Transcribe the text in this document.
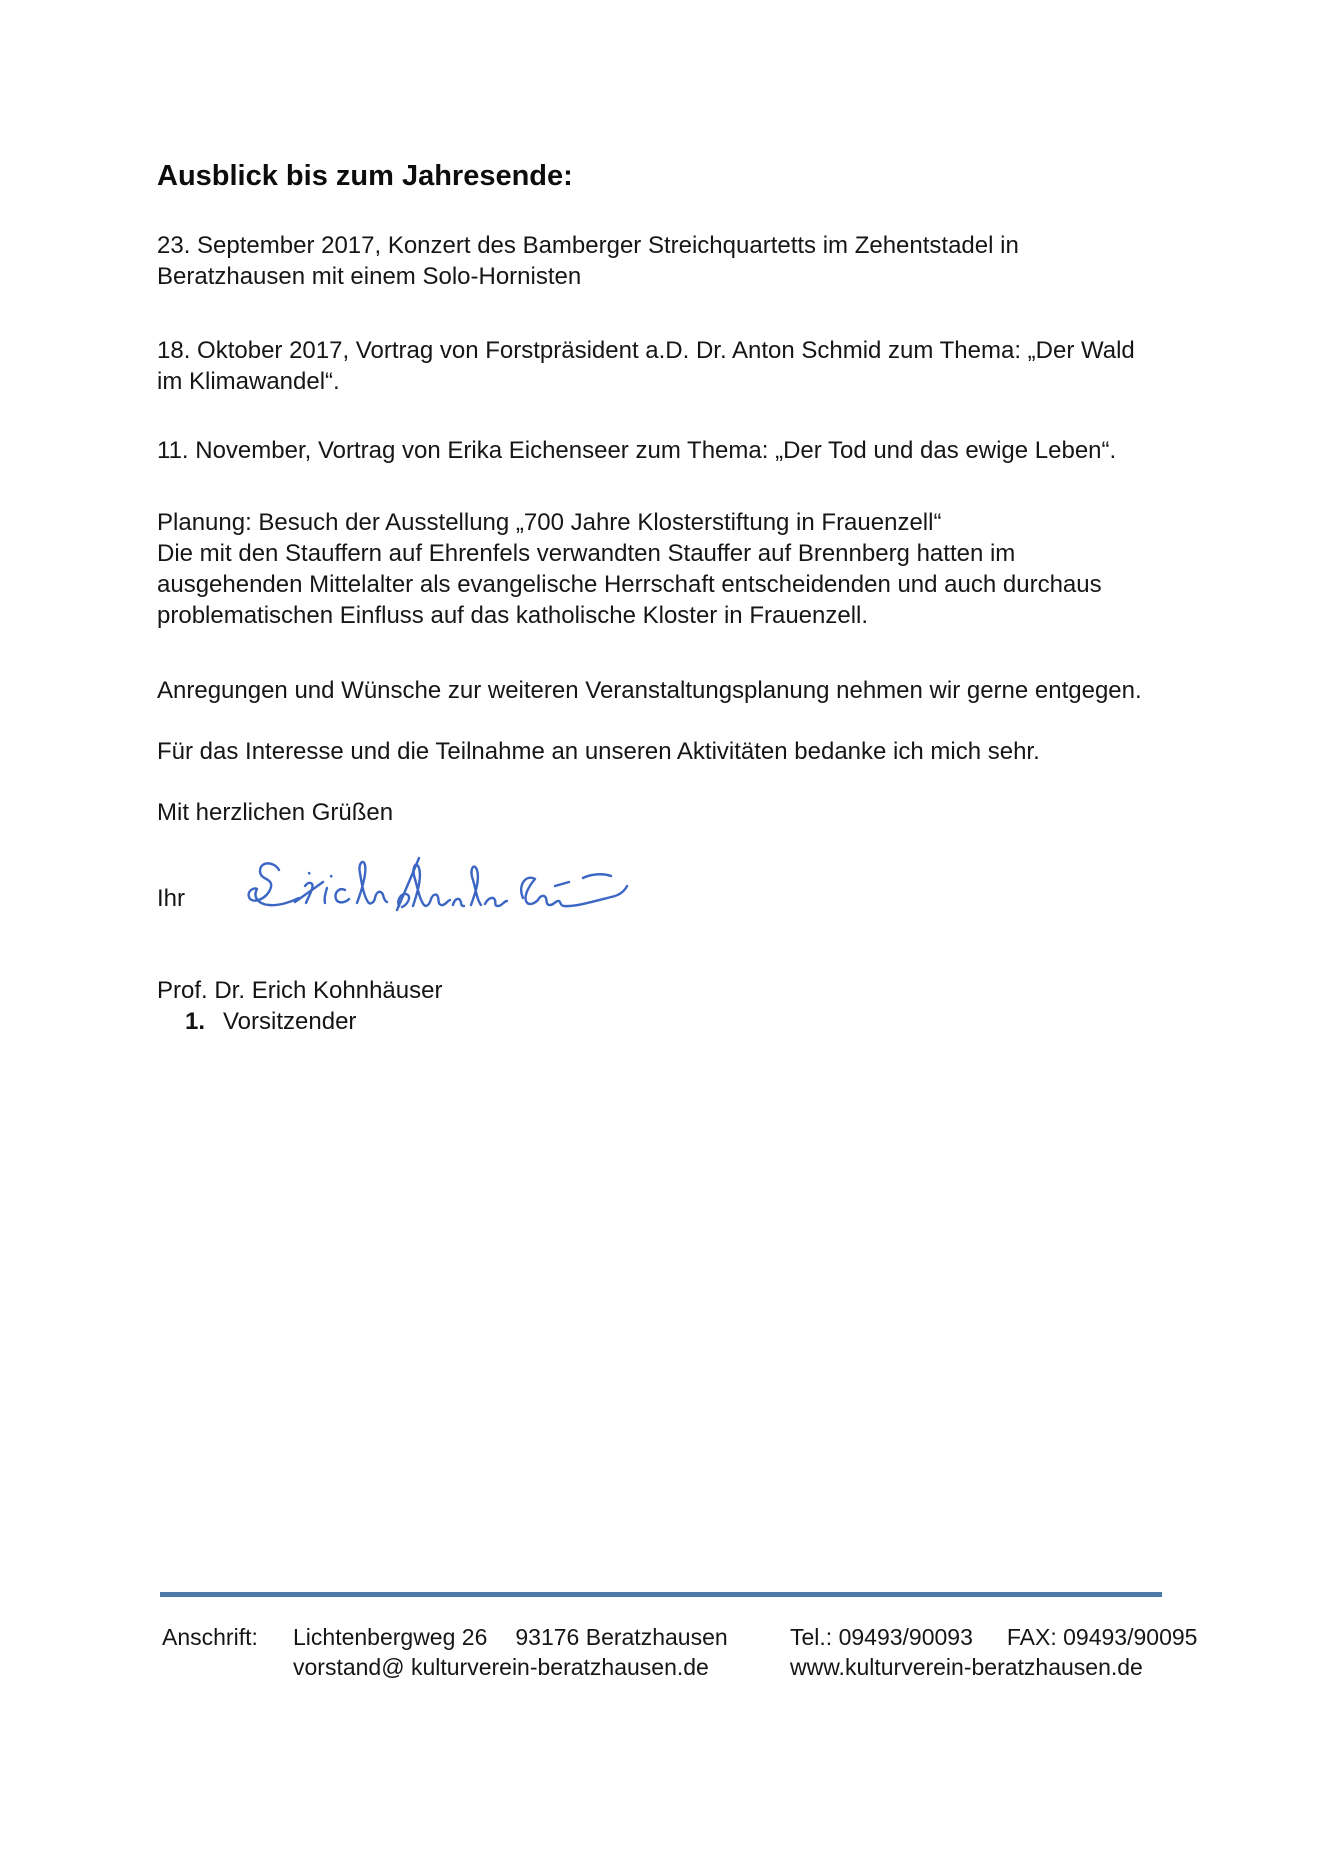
Ausblick bis zum Jahresende:
23. September 2017, Konzert des Bamberger Streichquartetts im Zehentstadel in
Beratzhausen mit einem Solo-Hornisten
18. Oktober 2017, Vortrag von Forstpräsident a.D. Dr. Anton Schmid zum Thema: „Der Wald
im Klimawandel“.
11. November, Vortrag von Erika Eichenseer zum Thema: „Der Tod und das ewige Leben“.
Planung: Besuch der Ausstellung „700 Jahre Klosterstiftung in Frauenzell“
Die mit den Stauffern auf Ehrenfels verwandten Stauffer auf Brennberg hatten im
ausgehenden Mittelalter als evangelische Herrschaft entscheidenden und auch durchaus
problematischen Einfluss auf das katholische Kloster in Frauenzell.
Anregungen und Wünsche zur weiteren Veranstaltungsplanung nehmen wir gerne entgegen.
Für das Interesse und die Teilnahme an unseren Aktivitäten bedanke ich mich sehr.
Mit herzlichen Grüßen
Ihr
Prof. Dr. Erich Kohnhäuser
1. Vorsitzender
Anschrift: Lichtenbergweg 26 93176 Beratzhausen
vorstand@ kulturverein-beratzhausen.de
Tel.: 09493/90093 FAX: 09493/90095
www.kulturverein-beratzhausen.de
